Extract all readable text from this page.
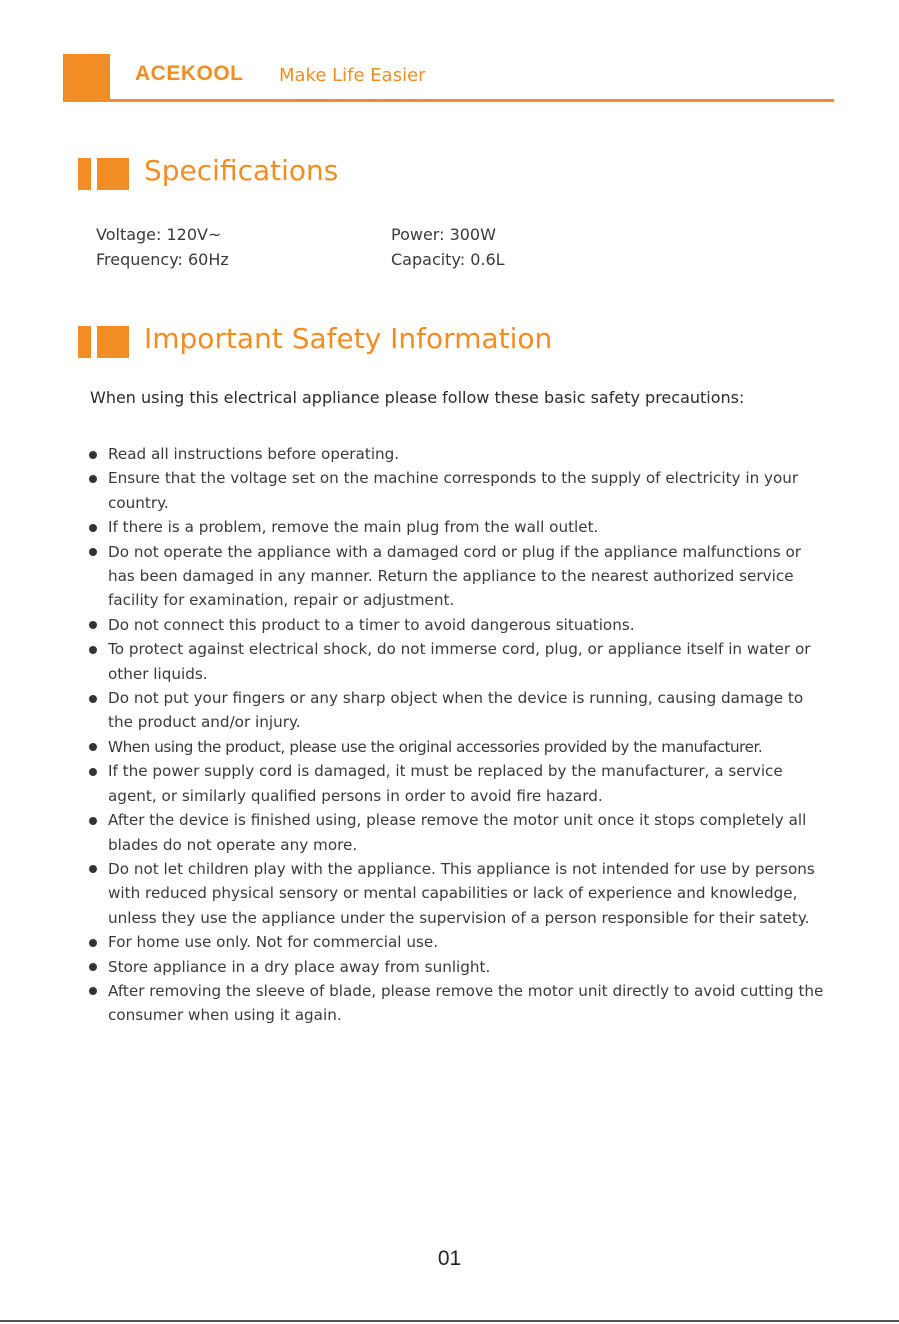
ACEKOOL Make Life Easier
Specifications
Voltage: 120V~
Frequency: 60Hz
Power: 300W
Capacity: 0.6L
Important Safety Information
When using this electrical appliance please follow these basic safety precautions:
Read all instructions before operating.
Ensure that the voltage set on the machine corresponds to the supply of electricity in your country.
If there is a problem, remove the main plug from the wall outlet.
Do not operate the appliance with a damaged cord or plug if the appliance malfunctions or has been damaged in any manner. Return the appliance to the nearest authorized service facility for examination, repair or adjustment.
Do not connect this product to a timer to avoid dangerous situations.
To protect against electrical shock, do not immerse cord, plug, or appliance itself in water or other liquids.
Do not put your fingers or any sharp object when the device is running, causing damage to the product and/or injury.
When using the product, please use the original accessories provided by the manufacturer.
If the power supply cord is damaged, it must be replaced by the manufacturer, a service agent, or similarly qualified persons in order to avoid fire hazard.
After the device is finished using, please remove the motor unit once it stops completely all blades do not operate any more.
Do not let children play with the appliance. This appliance is not intended for use by persons with reduced physical sensory or mental capabilities or lack of experience and knowledge, unless they use the appliance under the supervision of a person responsible for their satety.
For home use only. Not for commercial use.
Store appliance in a dry place away from sunlight.
After removing the sleeve of blade, please remove the motor unit directly to avoid cutting the consumer when using it again.
01
